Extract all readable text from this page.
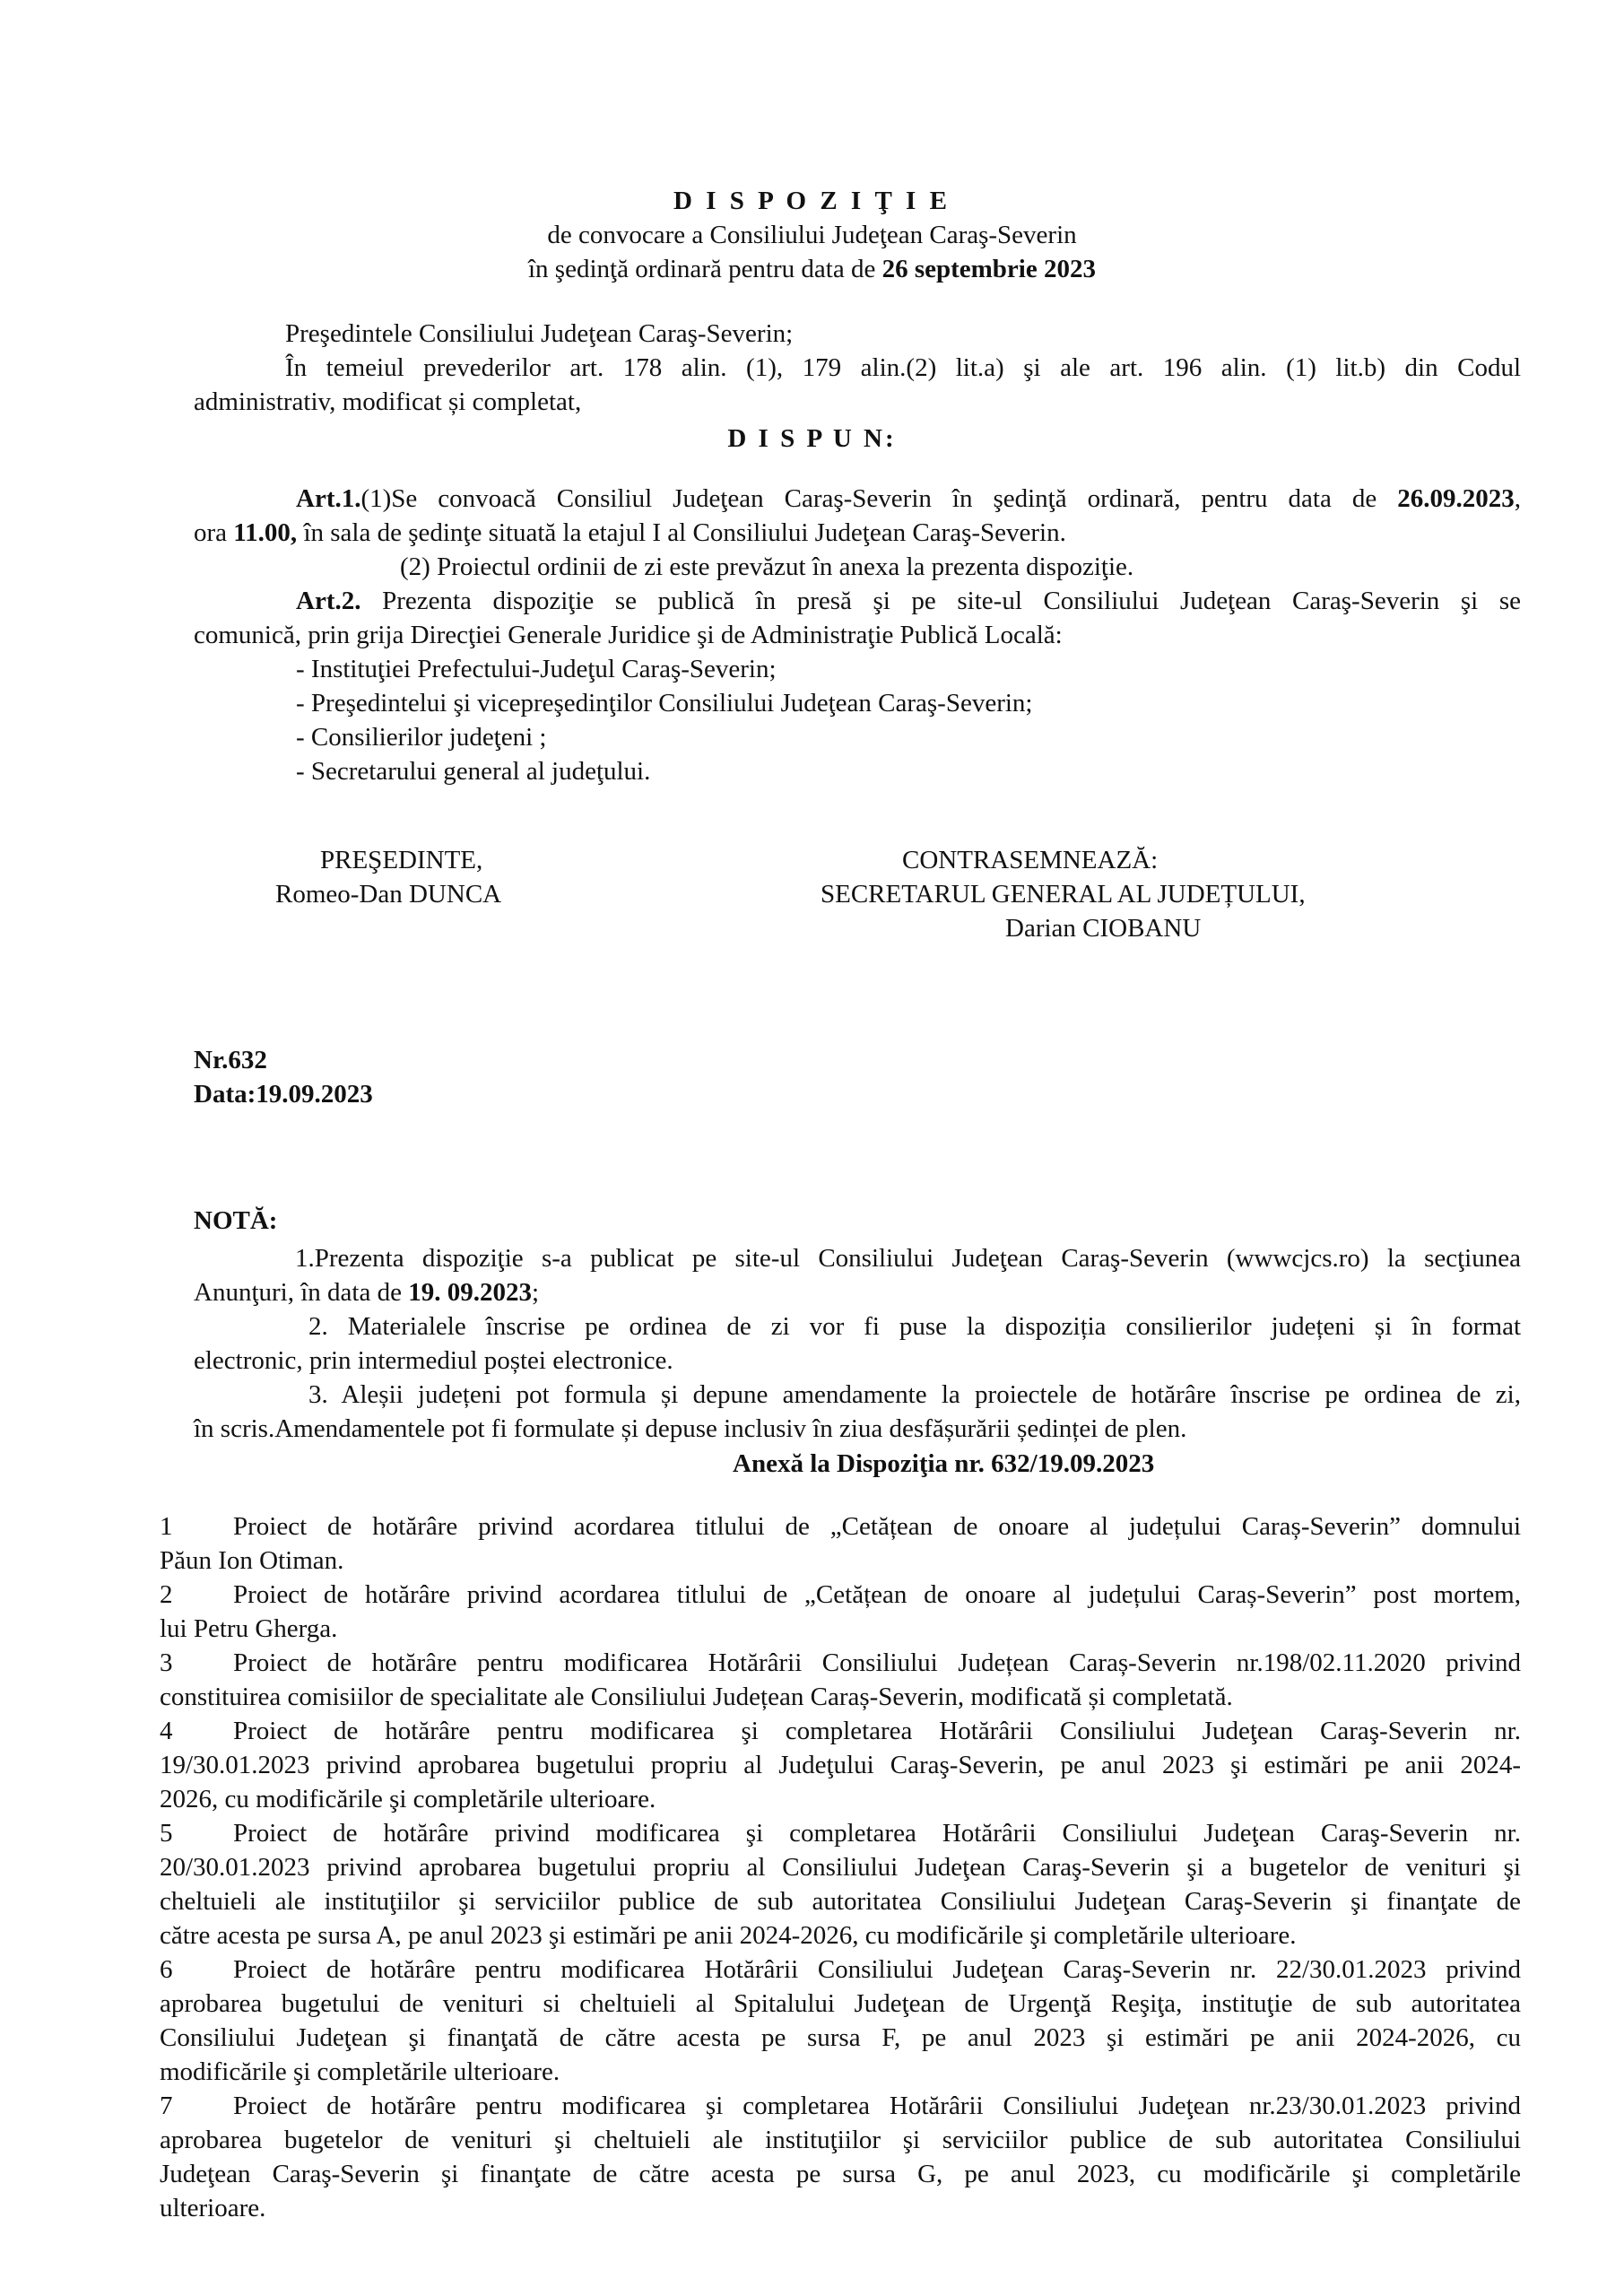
D I S P O Z I Ţ I E
de convocare a Consiliului Judeţean Caraş-Severin
în şedinţă ordinară pentru data de 26 septembrie 2023
Preşedintele Consiliului Judeţean Caraş-Severin;
În temeiul prevederilor art. 178 alin. (1), 179 alin.(2) lit.a) şi ale art. 196 alin. (1) lit.b) din Codul
administrativ, modificat și completat,
D I S P U N:
Art.1.(1)Se convoacă Consiliul Judeţean Caraş-Severin în şedinţă ordinară, pentru data de 26.09.2023,
ora 11.00, în sala de şedinţe situată la etajul I al Consiliului Judeţean Caraş-Severin.
(2) Proiectul ordinii de zi este prevăzut în anexa la prezenta dispoziţie.
Art.2. Prezenta dispoziţie se publică în presă şi pe site-ul Consiliului Judeţean Caraş-Severin şi se
comunică, prin grija Direcţiei Generale Juridice şi de Administraţie Publică Locală:
- Instituţiei Prefectului-Judeţul Caraş-Severin;
- Preşedintelui şi vicepreşedinţilor Consiliului Judeţean Caraş-Severin;
- Consilierilor judeţeni ;
- Secretarului general al judeţului.
PREŞEDINTE,
Romeo-Dan DUNCA
CONTRASEMNEAZĂ:
SECRETARUL GENERAL AL JUDEȚULUI,
Darian CIOBANU
Nr.632
Data:19.09.2023
NOTĂ:
1.Prezenta dispoziţie s-a publicat pe site-ul Consiliului Judeţean Caraş-Severin (wwwcjcs.ro) la secţiunea
Anunţuri, în data de 19. 09.2023;
2. Materialele înscrise pe ordinea de zi vor fi puse la dispoziția consilierilor județeni și în format
electronic, prin intermediul poștei electronice.
3. Aleșii județeni pot formula și depune amendamente la proiectele de hotărâre înscrise pe ordinea de zi,
în scris.Amendamentele pot fi formulate și depuse inclusiv în ziua desfășurării ședinței de plen.
Anexă la Dispoziţia nr. 632/19.09.2023
1 Proiect de hotărâre privind acordarea titlului de „Cetățean de onoare al județului Caraș-Severin” domnului
Păun Ion Otiman.
2 Proiect de hotărâre privind acordarea titlului de „Cetățean de onoare al județului Caraș-Severin” post mortem,
lui Petru Gherga.
3 Proiect de hotărâre pentru modificarea Hotărârii Consiliului Județean Caraș-Severin nr.198/02.11.2020 privind
constituirea comisiilor de specialitate ale Consiliului Județean Caraș-Severin, modificată și completată.
4 Proiect de hotărâre pentru modificarea şi completarea Hotărârii Consiliului Judeţean Caraş-Severin nr.
19/30.01.2023 privind aprobarea bugetului propriu al Judeţului Caraş-Severin, pe anul 2023 şi estimări pe anii 2024-
2026, cu modificările şi completările ulterioare.
5 Proiect de hotărâre privind modificarea şi completarea Hotărârii Consiliului Judeţean Caraş-Severin nr.
20/30.01.2023 privind aprobarea bugetului propriu al Consiliului Judeţean Caraş-Severin şi a bugetelor de venituri şi
cheltuieli ale instituţiilor şi serviciilor publice de sub autoritatea Consiliului Judeţean Caraş-Severin şi finanţate de
către acesta pe sursa A, pe anul 2023 şi estimări pe anii 2024-2026, cu modificările şi completările ulterioare.
6 Proiect de hotărâre pentru modificarea Hotărârii Consiliului Judeţean Caraş-Severin nr. 22/30.01.2023 privind
aprobarea bugetului de venituri si cheltuieli al Spitalului Judeţean de Urgenţă Reşiţa, instituţie de sub autoritatea
Consiliului Judeţean şi finanţată de către acesta pe sursa F, pe anul 2023 şi estimări pe anii 2024-2026, cu
modificările şi completările ulterioare.
7 Proiect de hotărâre pentru modificarea şi completarea Hotărârii Consiliului Judeţean nr.23/30.01.2023 privind
aprobarea bugetelor de venituri şi cheltuieli ale instituţiilor şi serviciilor publice de sub autoritatea Consiliului
Judeţean Caraş-Severin şi finanţate de către acesta pe sursa G, pe anul 2023, cu modificările şi completările
ulterioare.
